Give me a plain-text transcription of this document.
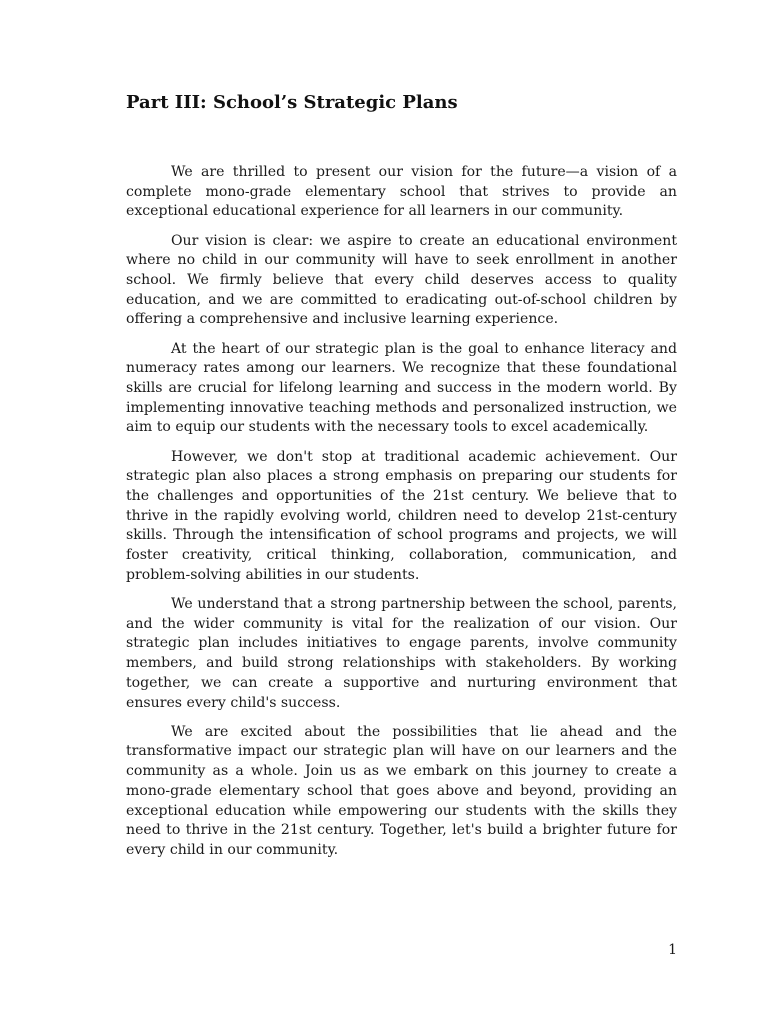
Part III: School’s Strategic Plans

We are thrilled to present our vision for the future—a vision of a complete mono-grade elementary school that strives to provide an exceptional educational experience for all learners in our community.

Our vision is clear: we aspire to create an educational environment where no child in our community will have to seek enrollment in another school. We firmly believe that every child deserves access to quality education, and we are committed to eradicating out-of-school children by offering a comprehensive and inclusive learning experience.

At the heart of our strategic plan is the goal to enhance literacy and numeracy rates among our learners. We recognize that these foundational skills are crucial for lifelong learning and success in the modern world. By implementing innovative teaching methods and personalized instruction, we aim to equip our students with the necessary tools to excel academically.

However, we don't stop at traditional academic achievement. Our strategic plan also places a strong emphasis on preparing our students for the challenges and opportunities of the 21st century. We believe that to thrive in the rapidly evolving world, children need to develop 21st-century skills. Through the intensification of school programs and projects, we will foster creativity, critical thinking, collaboration, communication, and problem-solving abilities in our students.

We understand that a strong partnership between the school, parents, and the wider community is vital for the realization of our vision. Our strategic plan includes initiatives to engage parents, involve community members, and build strong relationships with stakeholders. By working together, we can create a supportive and nurturing environment that ensures every child's success.

We are excited about the possibilities that lie ahead and the transformative impact our strategic plan will have on our learners and the community as a whole. Join us as we embark on this journey to create a mono-grade elementary school that goes above and beyond, providing an exceptional education while empowering our students with the skills they need to thrive in the 21st century. Together, let's build a brighter future for every child in our community.

1
